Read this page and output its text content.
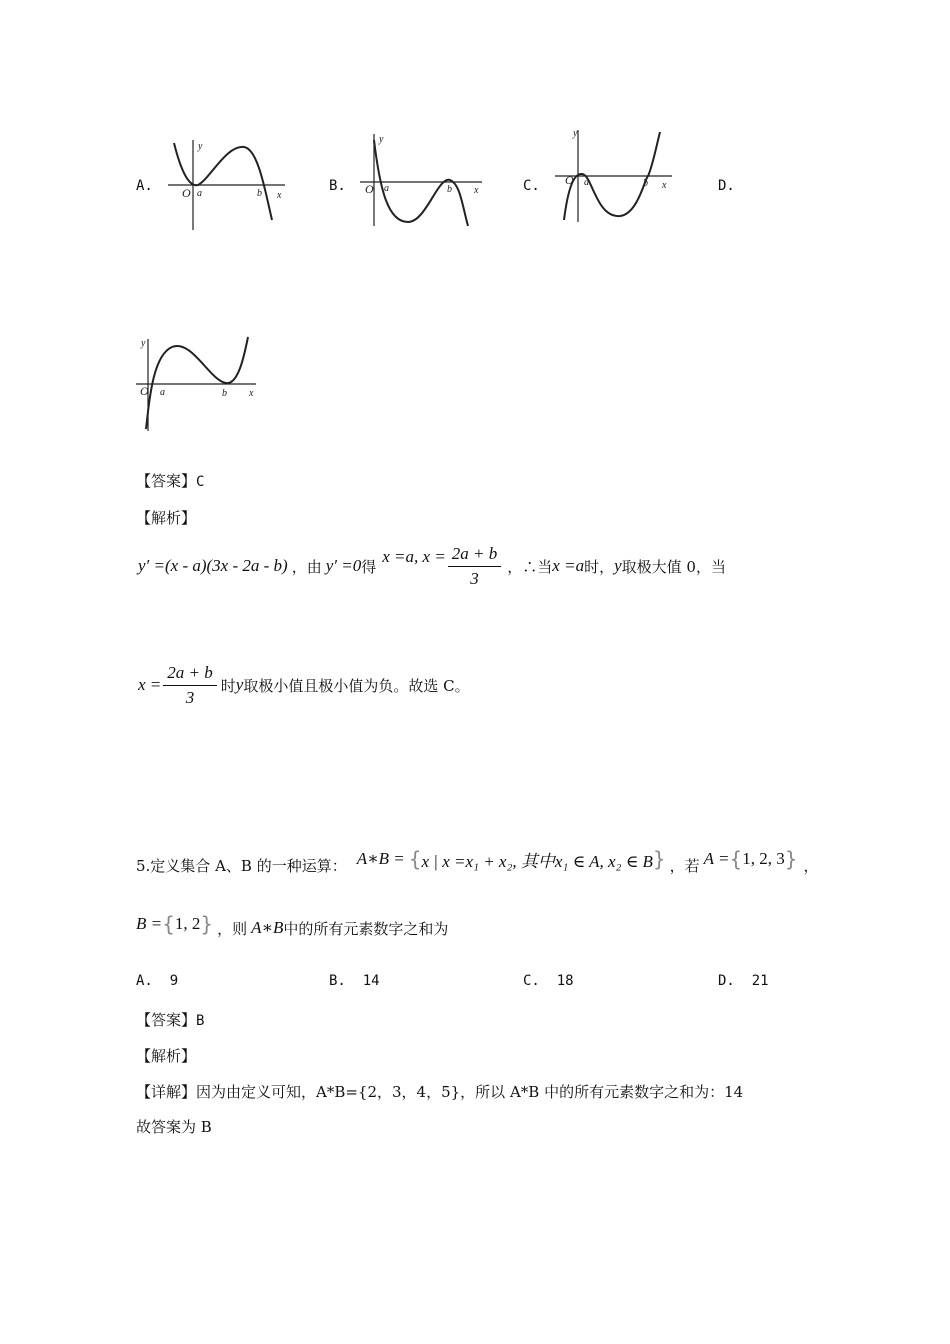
A. O a	b x
y
B. O a	b x
y
C. O a	b x
y
D.
O a	b x
y
【答案】C
【解析】
y′ =(x - a)(3x - 2a - b) ，由 y′ =0 得
x =a, $x = \frac{2a + b}{3}$ ，∴当 x =a 时， y 取极大值 0，当
$x = \frac{2a + b}{3}$ 时 y 取极小值且极小值为负。故选 C。
5.定义集合 A、B 的一种运算： A∗B = { x | x =x₁ + x₂, 其中x₁ ∈ A, x₂ ∈ B } ，若 A = { 1, 2, 3 } ，
B = { 1, 2 } ，则 A∗B 中的所有元素数字之和为
A. 9	B. 14	C. 18	D. 21
【答案】B
【解析】
【详解】因为由定义可知，A*B={2，3，4，5}，所以 A*B 中的所有元素数字之和为：14
故答案为 B
